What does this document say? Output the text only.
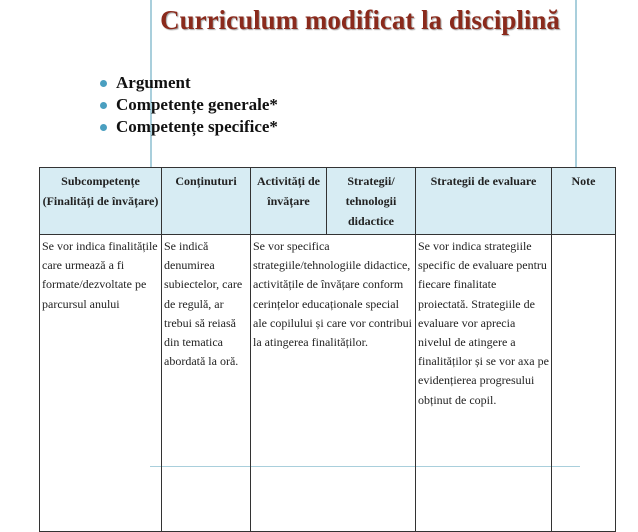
Curriculum modificat la disciplină
Argument
Competențe generale*
Competențe specifice*
Subcompetențe (Finalități de învățare)	Conținuturi	Activități de învățare	Strategii/ tehnologii didactice	Strategii de evaluare	Note
Se vor indica finalitățile care urmează a fi formate/dezvoltate pe parcursul anului	Se indică denumirea subiectelor, care de regulă, ar trebui să reiasă din tematica abordată la oră.	Se vor specifica strategiile/tehnologiile didactice, activitățile de învățare conform cerințelor educaționale special ale copilului și care vor contribui la atingerea finalităților.		Se vor indica strategiile specific de evaluare pentru fiecare finalitate proiectată. Strategiile de evaluare vor aprecia nivelul de atingere a finalităților și se vor axa pe evidențierea progresului obținut de copil.	
